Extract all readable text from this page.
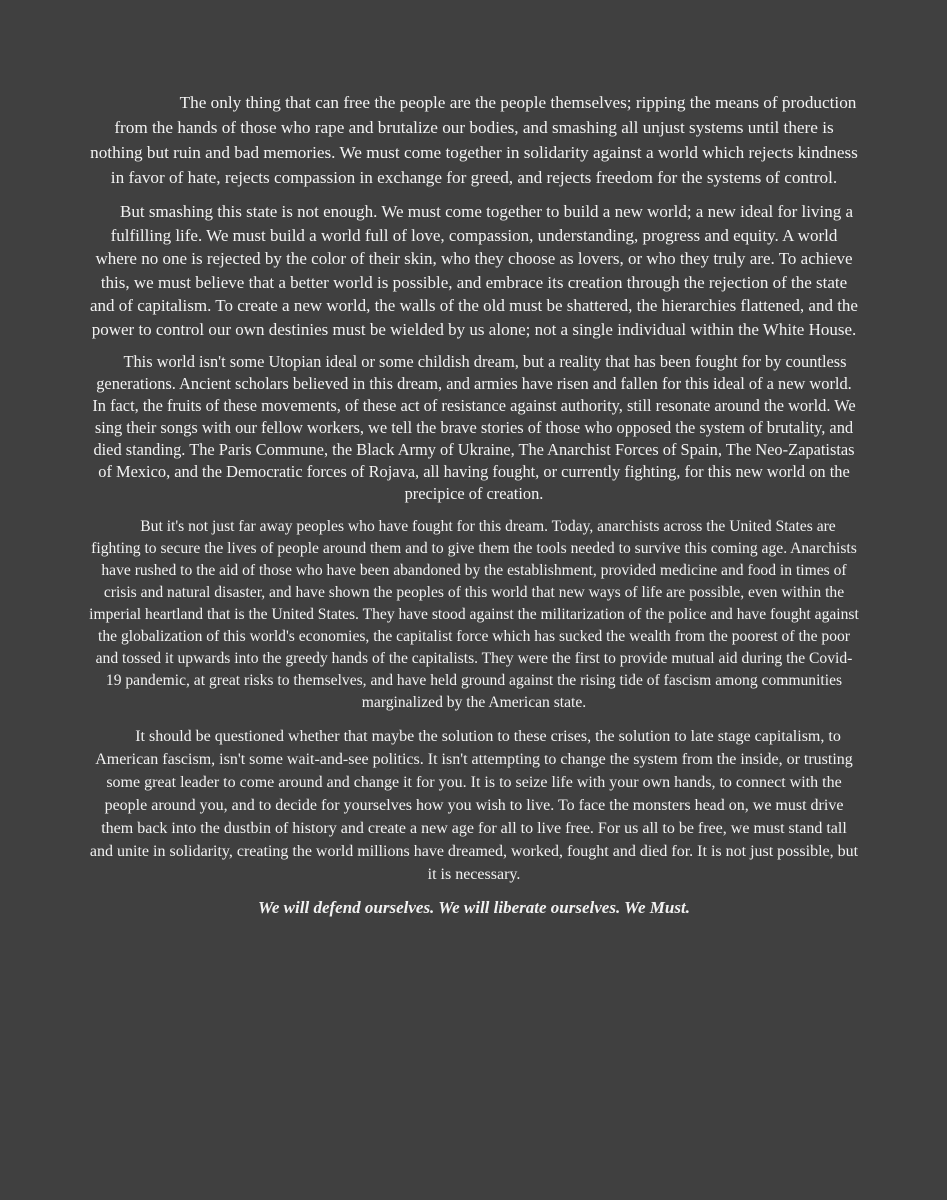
The only thing that can free the people are the people themselves; ripping the means of production from the hands of those who rape and brutalize our bodies, and smashing all unjust systems until there is nothing but ruin and bad memories. We must come together in solidarity against a world which rejects kindness in favor of hate, rejects compassion in exchange for greed, and rejects freedom for the systems of control.

But smashing this state is not enough. We must come together to build a new world; a new ideal for living a fulfilling life. We must build a world full of love, compassion, understanding, progress and equity. A world where no one is rejected by the color of their skin, who they choose as lovers, or who they truly are. To achieve this, we must believe that a better world is possible, and embrace its creation through the rejection of the state and of capitalism. To create a new world, the walls of the old must be shattered, the hierarchies flattened, and the power to control our own destinies must be wielded by us alone; not a single individual within the White House.

This world isn't some Utopian ideal or some childish dream, but a reality that has been fought for by countless generations. Ancient scholars believed in this dream, and armies have risen and fallen for this ideal of a new world. In fact, the fruits of these movements, of these act of resistance against authority, still resonate around the world. We sing their songs with our fellow workers, we tell the brave stories of those who opposed the system of brutality, and died standing. The Paris Commune, the Black Army of Ukraine, The Anarchist Forces of Spain, The Neo-Zapatistas of Mexico, and the Democratic forces of Rojava, all having fought, or currently fighting, for this new world on the precipice of creation.

But it's not just far away peoples who have fought for this dream. Today, anarchists across the United States are fighting to secure the lives of people around them and to give them the tools needed to survive this coming age. Anarchists have rushed to the aid of those who have been abandoned by the establishment, provided medicine and food in times of crisis and natural disaster, and have shown the peoples of this world that new ways of life are possible, even within the imperial heartland that is the United States. They have stood against the militarization of the police and have fought against the globalization of this world's economies, the capitalist force which has sucked the wealth from the poorest of the poor and tossed it upwards into the greedy hands of the capitalists. They were the first to provide mutual aid during the Covid-19 pandemic, at great risks to themselves, and have held ground against the rising tide of fascism among communities marginalized by the American state.

It should be questioned whether that maybe the solution to these crises, the solution to late stage capitalism, to American fascism, isn't some wait-and-see politics. It isn't attempting to change the system from the inside, or trusting some great leader to come around and change it for you. It is to seize life with your own hands, to connect with the people around you, and to decide for yourselves how you wish to live. To face the monsters head on, we must drive them back into the dustbin of history and create a new age for all to live free. For us all to be free, we must stand tall and unite in solidarity, creating the world millions have dreamed, worked, fought and died for. It is not just possible, but it is necessary.

We will defend ourselves. We will liberate ourselves. We Must.
